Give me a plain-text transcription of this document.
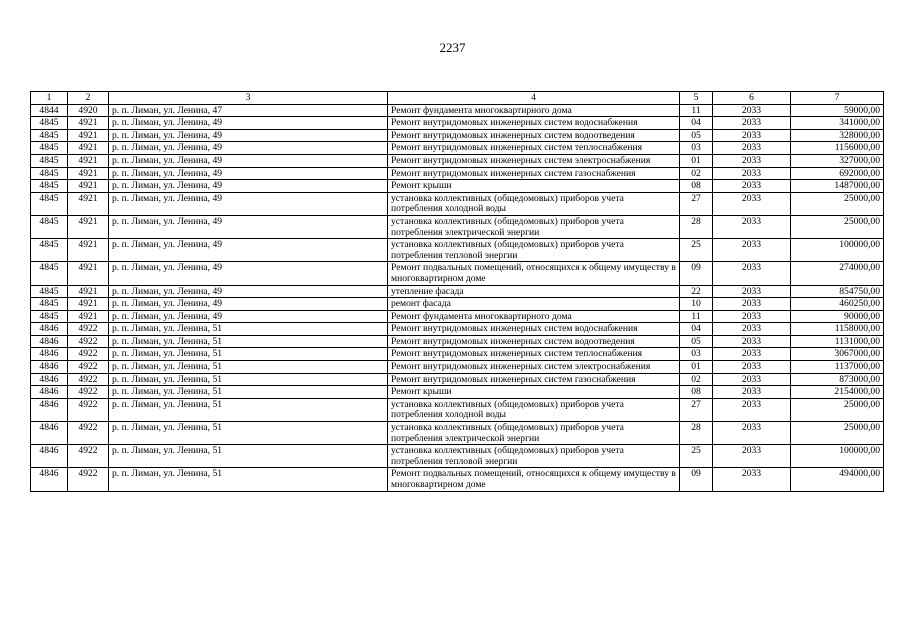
2237
1	2	3	4	5	6	7
4844	4920	р. п. Лиман, ул. Ленина, 47	Ремонт фундамента многоквартирного дома	11	2033	59000,00
4845	4921	р. п. Лиман, ул. Ленина, 49	Ремонт внутридомовых инженерных систем водоснабжения	04	2033	341000,00
4845	4921	р. п. Лиман, ул. Ленина, 49	Ремонт внутридомовых инженерных систем водоотведения	05	2033	328000,00
4845	4921	р. п. Лиман, ул. Ленина, 49	Ремонт внутридомовых инженерных систем теплоснабжения	03	2033	1156000,00
4845	4921	р. п. Лиман, ул. Ленина, 49	Ремонт внутридомовых инженерных систем электроснабжения	01	2033	327000,00
4845	4921	р. п. Лиман, ул. Ленина, 49	Ремонт внутридомовых инженерных систем газоснабжения	02	2033	692000,00
4845	4921	р. п. Лиман, ул. Ленина, 49	Ремонт крыши	08	2033	1487000,00
4845	4921	р. п. Лиман, ул. Ленина, 49	установка коллективных (общедомовых) приборов учета потребления холодной воды	27	2033	25000,00
4845	4921	р. п. Лиман, ул. Ленина, 49	установка коллективных (общедомовых) приборов учета потребления электрической энергии	28	2033	25000,00
4845	4921	р. п. Лиман, ул. Ленина, 49	установка коллективных (общедомовых) приборов учета потребления тепловой энергии	25	2033	100000,00
4845	4921	р. п. Лиман, ул. Ленина, 49	Ремонт подвальных помещений, относящихся к общему имуществу в многоквартирном доме	09	2033	274000,00
4845	4921	р. п. Лиман, ул. Ленина, 49	утепление фасада	22	2033	854750,00
4845	4921	р. п. Лиман, ул. Ленина, 49	ремонт фасада	10	2033	460250,00
4845	4921	р. п. Лиман, ул. Ленина, 49	Ремонт фундамента многоквартирного дома	11	2033	90000,00
4846	4922	р. п. Лиман, ул. Ленина, 51	Ремонт внутридомовых инженерных систем водоснабжения	04	2033	1158000,00
4846	4922	р. п. Лиман, ул. Ленина, 51	Ремонт внутридомовых инженерных систем водоотведения	05	2033	1131000,00
4846	4922	р. п. Лиман, ул. Ленина, 51	Ремонт внутридомовых инженерных систем теплоснабжения	03	2033	3067000,00
4846	4922	р. п. Лиман, ул. Ленина, 51	Ремонт внутридомовых инженерных систем электроснабжения	01	2033	1137000,00
4846	4922	р. п. Лиман, ул. Ленина, 51	Ремонт внутридомовых инженерных систем газоснабжения	02	2033	873000,00
4846	4922	р. п. Лиман, ул. Ленина, 51	Ремонт крыши	08	2033	2154000,00
4846	4922	р. п. Лиман, ул. Ленина, 51	установка коллективных (общедомовых) приборов учета потребления холодной воды	27	2033	25000,00
4846	4922	р. п. Лиман, ул. Ленина, 51	установка коллективных (общедомовых) приборов учета потребления электрической энергии	28	2033	25000,00
4846	4922	р. п. Лиман, ул. Ленина, 51	установка коллективных (общедомовых) приборов учета потребления тепловой энергии	25	2033	100000,00
4846	4922	р. п. Лиман, ул. Ленина, 51	Ремонт подвальных помещений, относящихся к общему имуществу в многоквартирном доме	09	2033	494000,00
